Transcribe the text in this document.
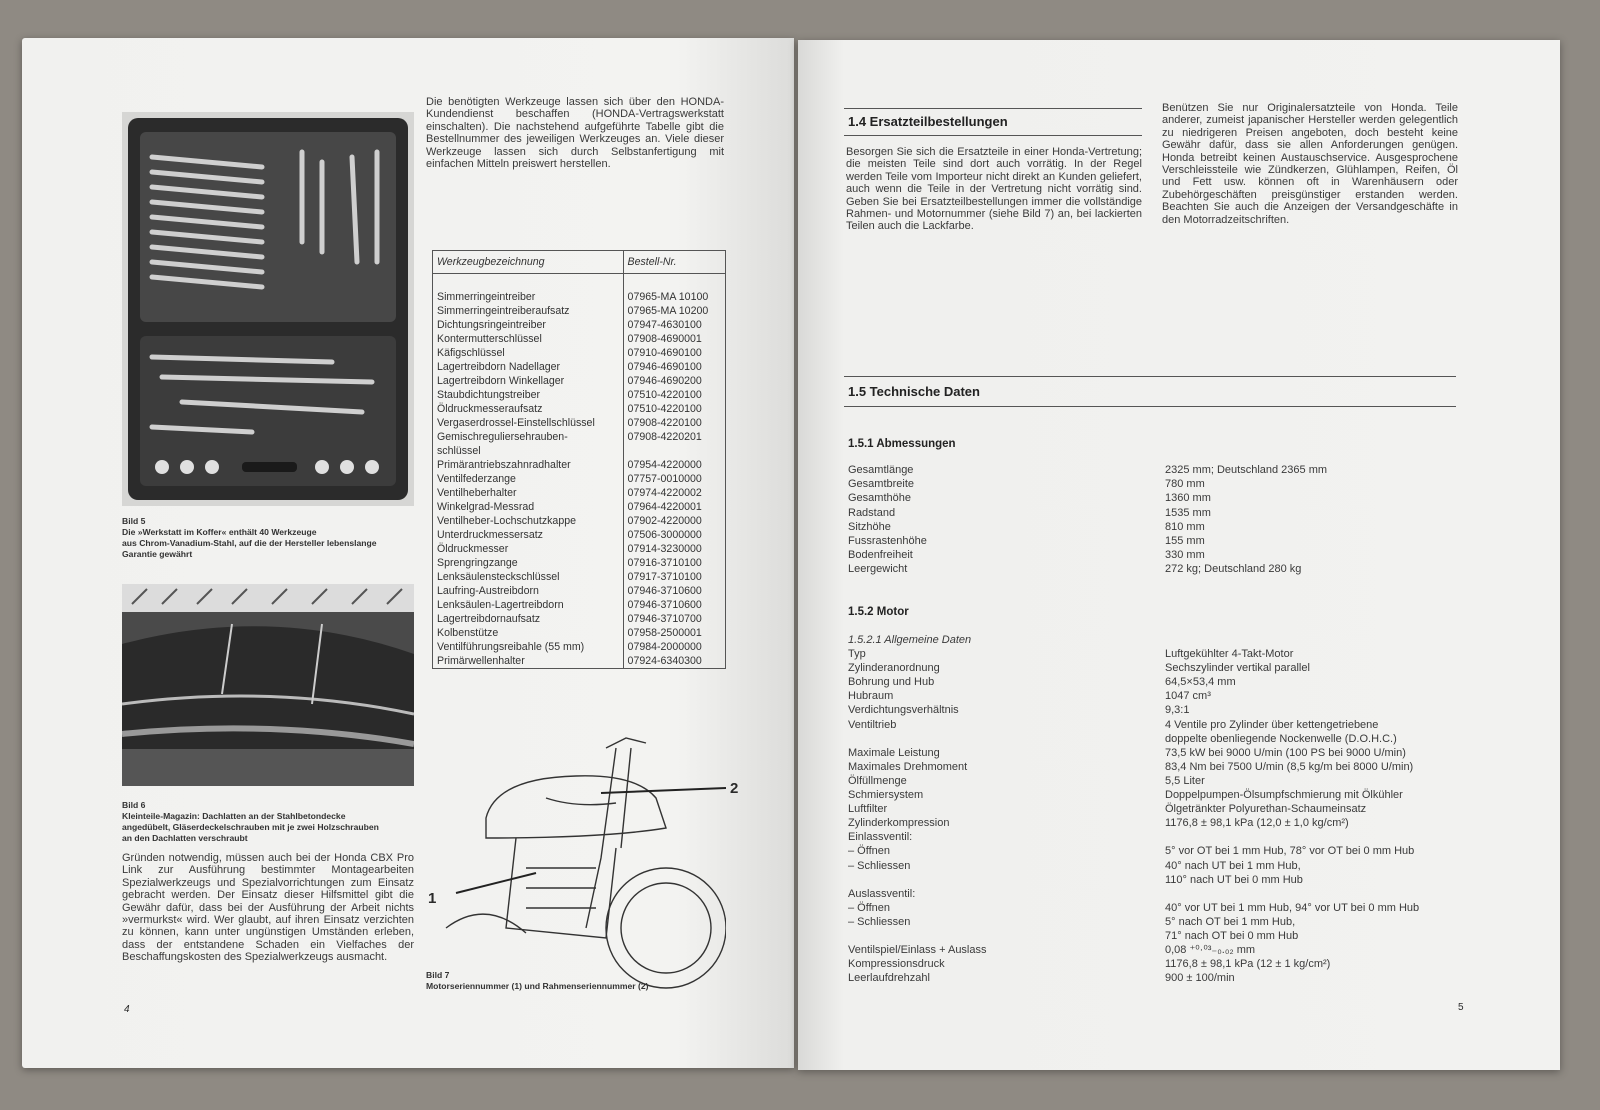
Bild 5
Die »Werkstatt im Koffer« enthält 40 Werkzeuge
aus Chrom-Vanadium-Stahl, auf die der Hersteller lebenslange
Garantie gewährt
Bild 6
Kleinteile-Magazin: Dachlatten an der Stahlbetondecke
angedübelt, Gläserdeckelschrauben mit je zwei Holzschrauben
an den Dachlatten verschraubt
Gründen notwendig, müssen auch bei der Honda CBX Pro Link zur Ausführung bestimmter Montagearbeiten Spezialwerkzeugs und Spezialvorrichtungen zum Einsatz gebracht werden. Der Einsatz dieser Hilfsmittel gibt die Gewähr dafür, dass bei der Ausführung der Arbeit nichts »vermurkst« wird. Wer glaubt, auf ihren Einsatz verzichten zu können, kann unter ungünstigen Umständen erleben, dass der entstandene Schaden ein Vielfaches der Beschaffungskosten des Spezialwerkzeugs ausmacht.
Die benötigten Werkzeuge lassen sich über den HONDA-Kundendienst beschaffen (HONDA-Vertragswerkstatt einschalten). Die nachstehend aufgeführte Tabelle gibt die Bestellnummer des jeweiligen Werkzeuges an. Viele dieser Werkzeuge lassen sich durch Selbstanfertigung mit einfachen Mitteln preiswert herstellen.
Werkzeugbezeichnung	Bestell-Nr.
Simmerringeintreiber	07965-MA 10100
Simmerringeintreiberaufsatz	07965-MA 10200
Dichtungsringeintreiber	07947-4630100
Kontermutterschlüssel	07908-4690001
Käfigschlüssel	07910-4690100
Lagertreibdorn Nadellager	07946-4690100
Lagertreibdorn Winkellager	07946-4690200
Staubdichtungstreiber	07510-4220100
Öldruckmesseraufsatz	07510-4220100
Vergaserdrossel-Einstellschlüssel	07908-4220100
Gemischreguliersehrauben-
schlüssel	07908-4220201
Primärantriebszahnradhalter	07954-4220000
Ventilfederzange	07757-0010000
Ventilheberhalter	07974-4220002
Winkelgrad-Messrad	07964-4220001
Ventilheber-Lochschutzkappe	07902-4220000
Unterdruckmessersatz	07506-3000000
Öldruckmesser	07914-3230000
Sprengringzange	07916-3710100
Lenksäulensteckschlüssel	07917-3710100
Laufring-Austreibdorn	07946-3710600
Lenksäulen-Lagertreibdorn	07946-3710600
Lagertreibdornaufsatz	07946-3710700
Kolbenstütze	07958-2500001
Ventilführungsreibahle (55 mm)	07984-2000000
Primärwellenhalter	07924-6340300
2
1
Bild 7
Motorseriennummer (1) und Rahmenseriennummer (2)
4
1.4 Ersatzteilbestellungen
Besorgen Sie sich die Ersatzteile in einer Honda-Vertretung; die meisten Teile sind dort auch vorrätig. In der Regel werden Teile vom Importeur nicht direkt an Kunden geliefert, auch wenn die Teile in der Vertretung nicht vorrätig sind. Geben Sie bei Ersatzteilbestellungen immer die vollständige Rahmen- und Motornummer (siehe Bild 7) an, bei lackierten Teilen auch die Lackfarbe.
Benützen Sie nur Originalersatzteile von Honda. Teile anderer, zumeist japanischer Hersteller werden gelegentlich zu niedrigeren Preisen angeboten, doch besteht keine Gewähr dafür, dass sie allen Anforderungen genügen. Honda betreibt keinen Austauschservice. Ausgesprochene Verschleissteile wie Zündkerzen, Glühlampen, Reifen, Öl und Fett usw. können oft in Warenhäusern oder Zubehörgeschäften preisgünstiger erstanden werden. Beachten Sie auch die Anzeigen der Versandgeschäfte in den Motorradzeitschriften.
1.5 Technische Daten
1.5.1 Abmessungen
Gesamtlänge	2325 mm; Deutschland 2365 mm
Gesamtbreite	780 mm
Gesamthöhe	1360 mm
Radstand	1535 mm
Sitzhöhe	810 mm
Fussrastenhöhe	155 mm
Bodenfreiheit	330 mm
Leergewicht	272 kg; Deutschland 280 kg
1.5.2 Motor
1.5.2.1 Allgemeine Daten
Typ	Luftgekühlter 4-Takt-Motor
Zylinderanordnung	Sechszylinder vertikal parallel
Bohrung und Hub	64,5×53,4 mm
Hubraum	1047 cm³
Verdichtungsverhältnis	9,3:1
Ventiltrieb	4 Ventile pro Zylinder über kettengetriebene
doppelte obenliegende Nockenwelle (D.O.H.C.)
Maximale Leistung	73,5 kW bei 9000 U/min (100 PS bei 9000 U/min)
Maximales Drehmoment	83,4 Nm bei 7500 U/min (8,5 kg/m bei 8000 U/min)
Ölfüllmenge	5,5 Liter
Schmiersystem	Doppelpumpen-Ölsumpfschmierung mit Ölkühler
Luftfilter	Ölgetränkter Polyurethan-Schaumeinsatz
Zylinderkompression	1176,8 ± 98,1 kPa (12,0 ± 1,0 kg/cm²)
Einlassventil:
– Öffnen	5° vor OT bei 1 mm Hub, 78° vor OT bei 0 mm Hub
– Schliessen	40° nach UT bei 1 mm Hub,
110° nach UT bei 0 mm Hub
Auslassventil:
– Öffnen	40° vor UT bei 1 mm Hub, 94° vor UT bei 0 mm Hub
– Schliessen	5° nach OT bei 1 mm Hub,
71° nach OT bei 0 mm Hub
Ventilspiel/Einlass + Auslass	0,08 ⁺⁰·⁰³₋₀.₀₂ mm
Kompressionsdruck	1176,8 ± 98,1 kPa (12 ± 1 kg/cm²)
Leerlaufdrehzahl	900 ± 100/min
5
